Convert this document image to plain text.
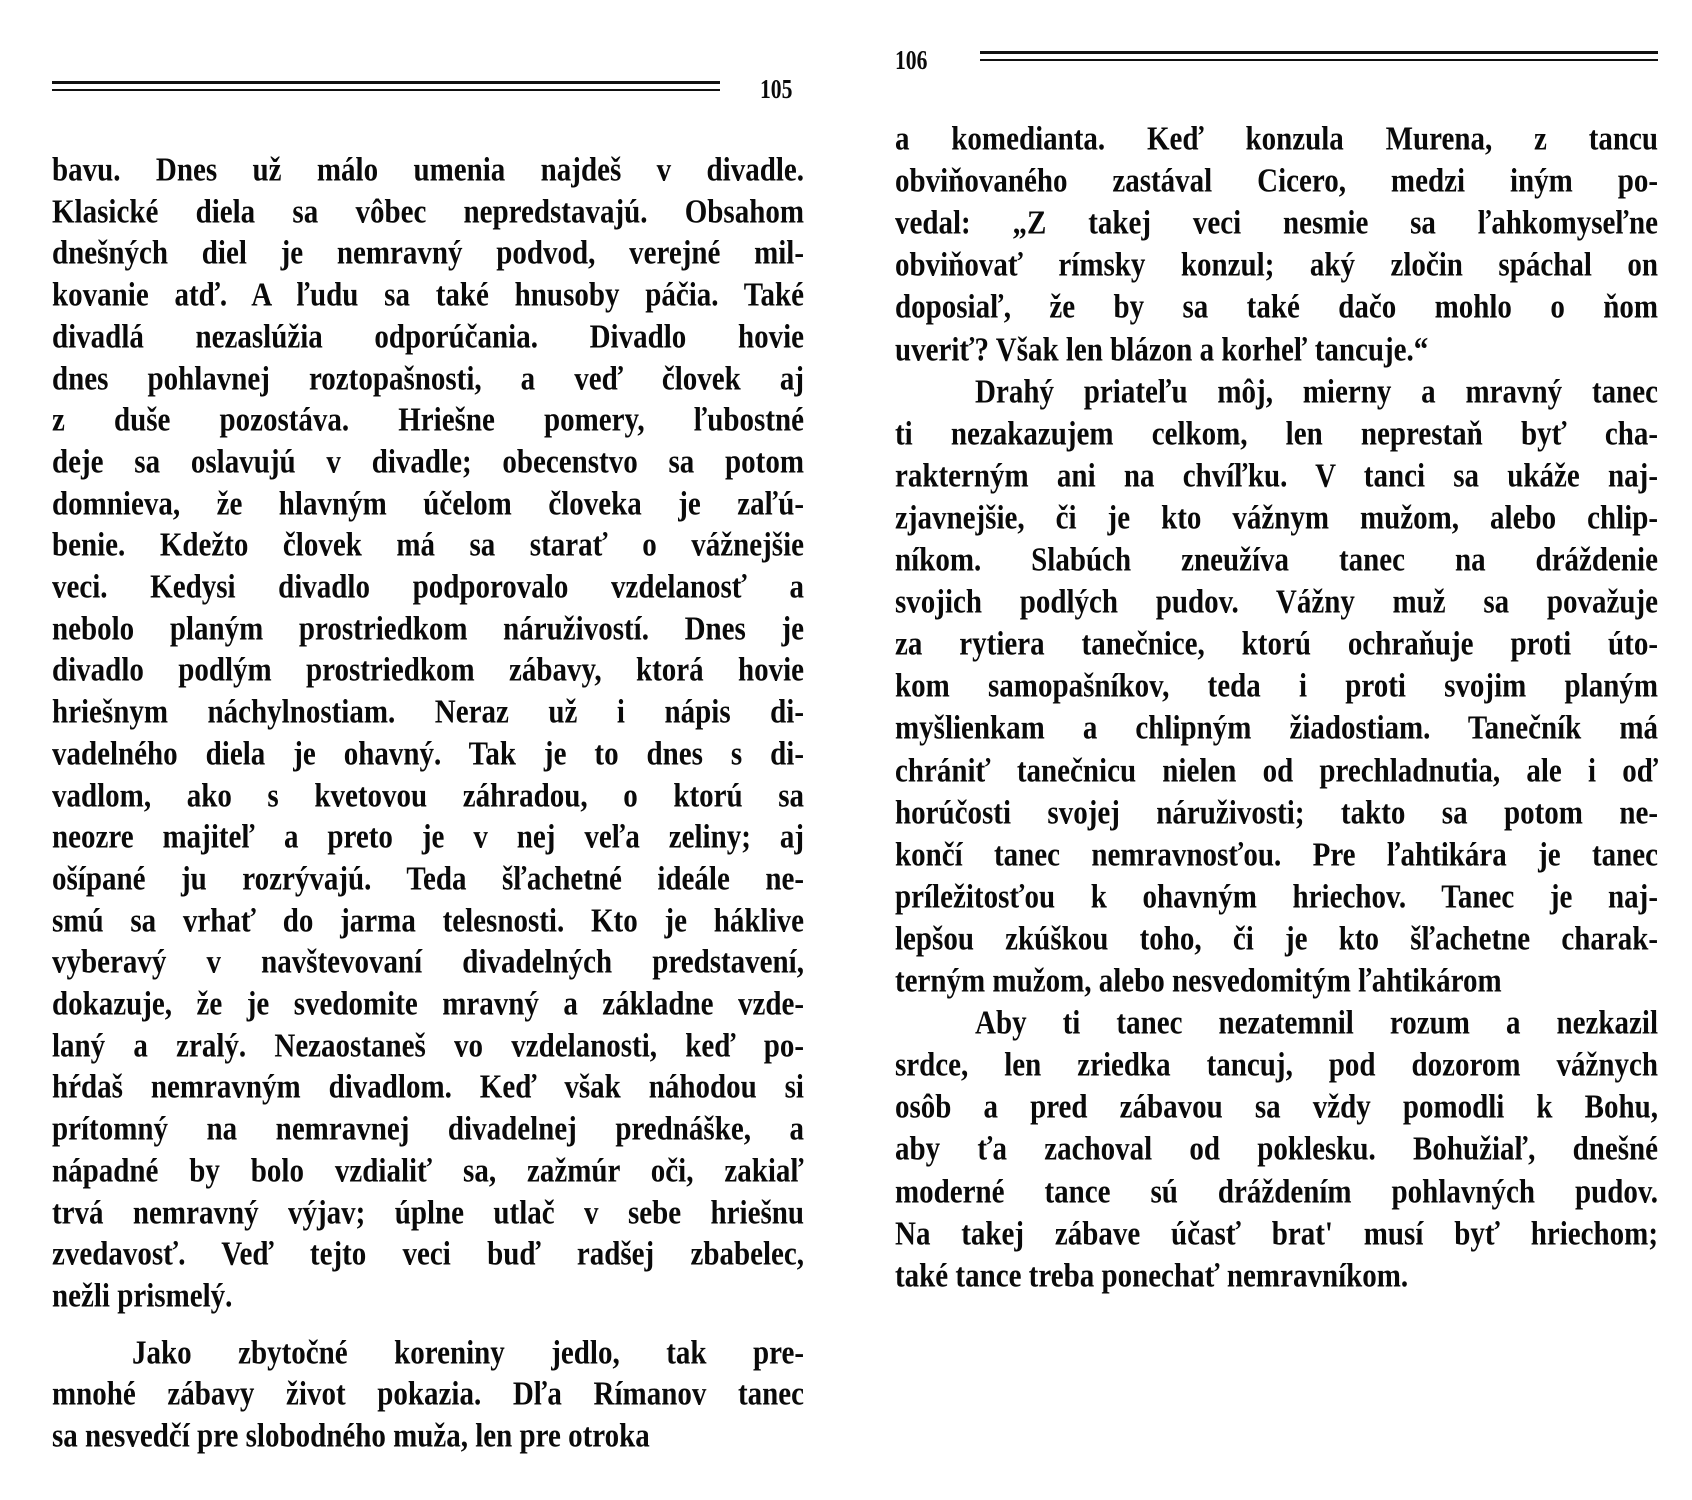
105
bavu. Dnes už málo umenia najdeš v divadle.
Klasické diela sa vôbec nepredstavajú. Obsahom
dnešných diel je nemravný podvod, verejné mil-
kovanie atď. A ľudu sa také hnusoby páčia. Také
divadlá nezaslúžia odporúčania. Divadlo hovie
dnes pohlavnej roztopašnosti, a veď človek aj
z duše pozostáva. Hriešne pomery, ľubostné
deje sa oslavujú v divadle; obecenstvo sa potom
domnieva, že hlavným účelom človeka je zaľú-
benie. Kdežto človek má sa starať o vážnejšie
veci. Kedysi divadlo podporovalo vzdelanosť a
nebolo planým prostriedkom náruživostí. Dnes je
divadlo podlým prostriedkom zábavy, ktorá hovie
hriešnym náchylnostiam. Neraz už i nápis di-
vadelného diela je ohavný. Tak je to dnes s di-
vadlom, ako s kvetovou záhradou, o ktorú sa
neozre majiteľ a preto je v nej veľa zeliny; aj
ošípané ju rozrývajú. Teda šľachetné ideále ne-
smú sa vrhať do jarma telesnosti. Kto je háklive
vyberavý v navštevovaní divadelných predstavení,
dokazuje, že je svedomite mravný a základne vzde-
laný a zralý. Nezaostaneš vo vzdelanosti, keď po-
hŕdaš nemravným divadlom. Keď však náhodou si
prítomný na nemravnej divadelnej prednáške, a
nápadné by bolo vzdialiť sa, zažmúr oči, zakiaľ
trvá nemravný výjav; úplne utlač v sebe hriešnu
zvedavosť. Veď tejto veci buď radšej zbabelec,
nežli prismelý.
Jako zbytočné koreniny jedlo, tak pre-
mnohé zábavy život pokazia. Dľa Rímanov tanec
sa nesvedčí pre slobodného muža, len pre otroka
106
a komedianta. Keď konzula Murena, z tancu
obviňovaného zastával Cicero, medzi iným po-
vedal: „Z takej veci nesmie sa ľahkomyseľne
obviňovať rímsky konzul; aký zločin spáchal on
doposiaľ, že by sa také dačo mohlo o ňom
uveriť? Však len blázon a korheľ tancuje.“
Drahý priateľu môj, mierny a mravný tanec
ti nezakazujem celkom, len neprestaň byť cha-
rakterným ani na chvíľku. V tanci sa ukáže naj-
zjavnejšie, či je kto vážnym mužom, alebo chlip-
níkom. Slabúch zneužíva tanec na dráždenie
svojich podlých pudov. Vážny muž sa považuje
za rytiera tanečnice, ktorú ochraňuje proti úto-
kom samopašníkov, teda i proti svojim planým
myšlienkam a chlipným žiadostiam. Tanečník má
chrániť tanečnicu nielen od prechladnutia, ale i oď
horúčosti svojej náruživosti; takto sa potom ne-
končí tanec nemravnosťou. Pre ľahtikára je tanec
príležitosťou k ohavným hriechov. Tanec je naj-
lepšou zkúškou toho, či je kto šľachetne charak-
terným mužom, alebo nesvedomitým ľahtikárom
Aby ti tanec nezatemnil rozum a nezkazil
srdce, len zriedka tancuj, pod dozorom vážnych
osôb a pred zábavou sa vždy pomodli k Bohu,
aby ťa zachoval od poklesku. Bohužiaľ, dnešné
moderné tance sú dráždením pohlavných pudov.
Na takej zábave účasť brat' musí byť hriechom;
také tance treba ponechať nemravníkom.
